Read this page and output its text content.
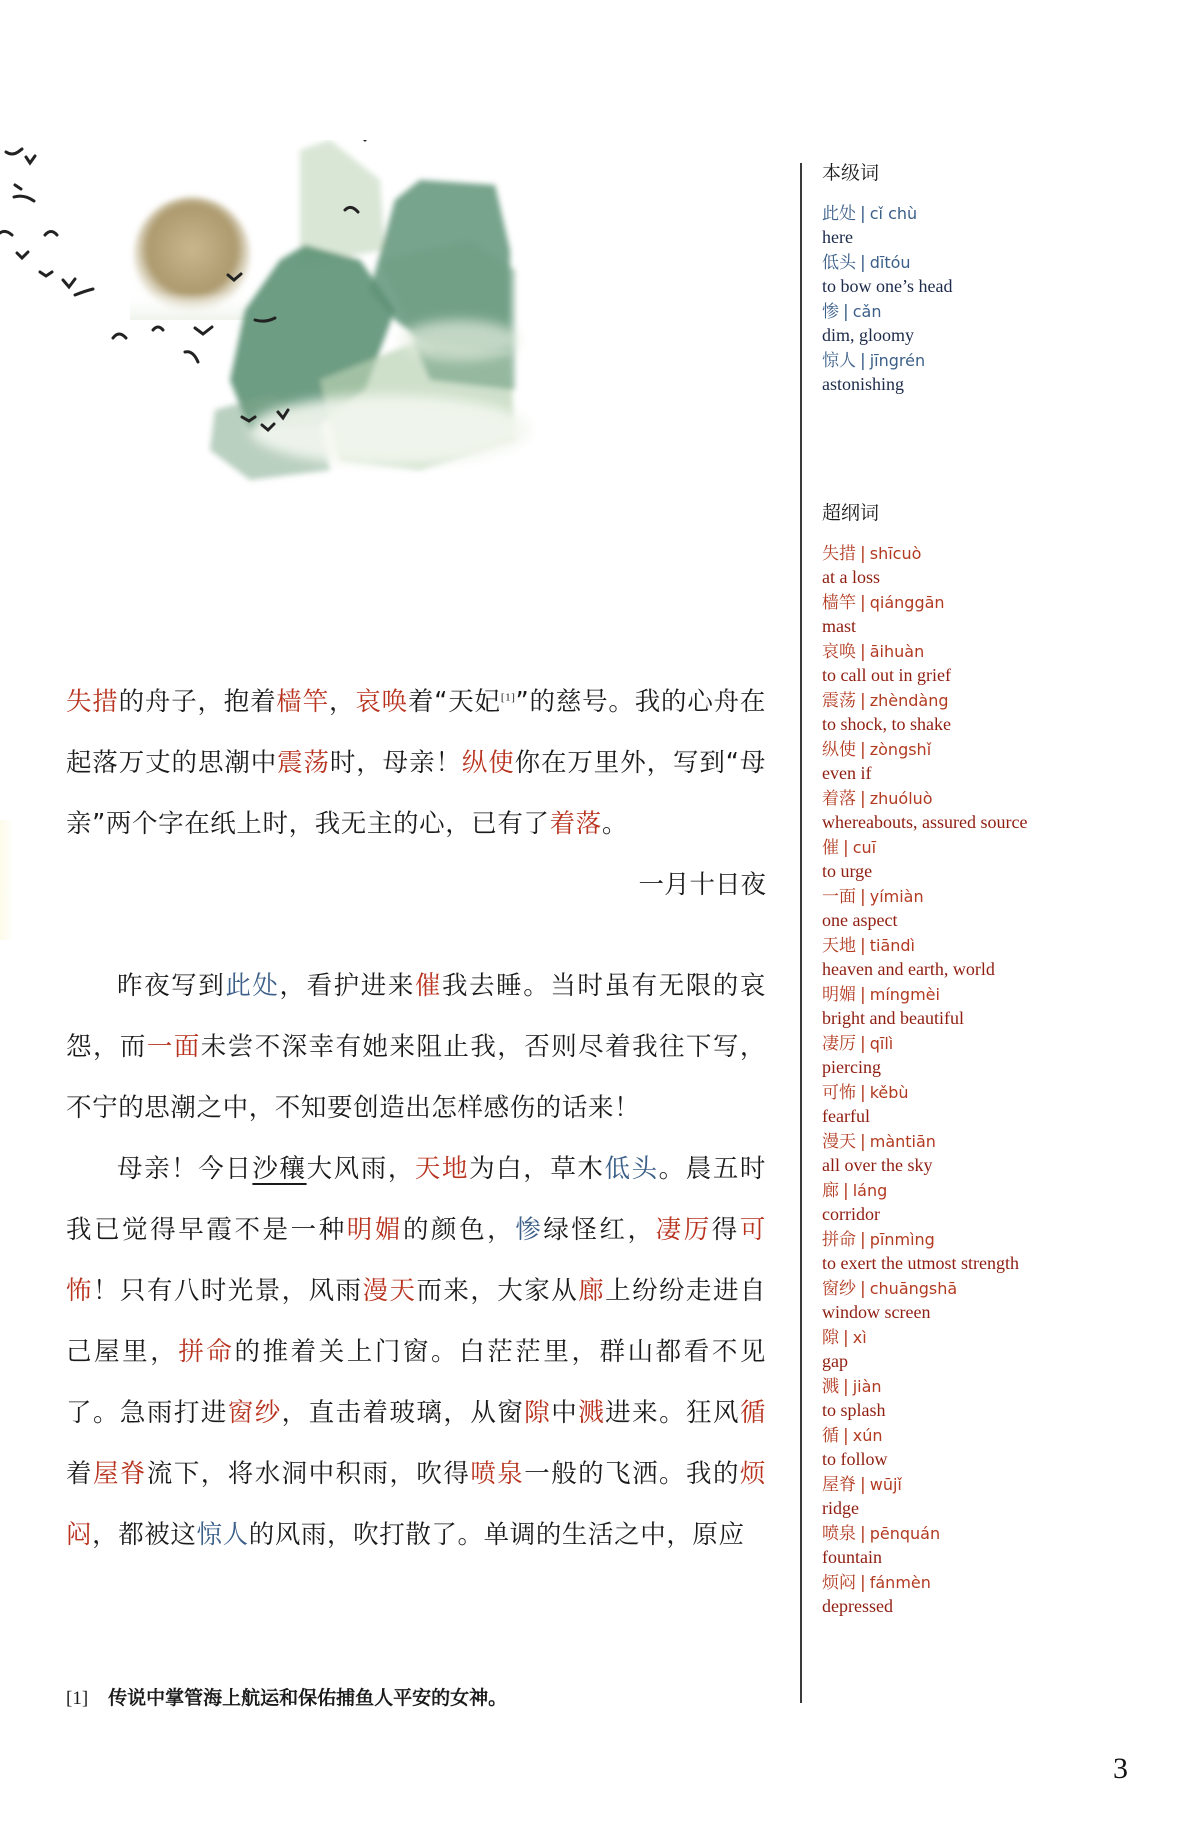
失措的舟子，抱着樯竿，哀唤着“天妃[1]”的慈号。我的心舟在起落万丈的思潮中震荡时，母亲！纵使你在万里外，写到“母亲”两个字在纸上时，我无主的心，已有了着落。

一月十日夜

昨夜写到此处，看护进来催我去睡。当时虽有无限的哀怨，而一面未尝不深幸有她来阻止我，否则尽着我往下写，不宁的思潮之中，不知要创造出怎样感伤的话来！

母亲！今日沙穰大风雨，天地为白，草木低头。晨五时我已觉得早霞不是一种明媚的颜色，惨绿怪红，凄厉得可怖！只有八时光景，风雨漫天而来，大家从廊上纷纷走进自己屋里，拼命的推着关上门窗。白茫茫里，群山都看不见了。急雨打进窗纱，直击着玻璃，从窗隙中溅进来。狂风循着屋脊流下，将水洞中积雨，吹得喷泉一般的飞洒。我的烦闷，都被这惊人的风雨，吹打散了。单调的生活之中，原应

[1] 传说中掌管海上航运和保佑捕鱼人平安的女神。
本级词
此处 | cǐ chù
here
低头 | dītóu
to bow one’s head
惨 | cǎn
dim, gloomy
惊人 | jīngrén
astonishing
超纲词
失措 | shīcuò
at a loss
樯竿 | qiánggān
mast
哀唤 | āihuàn
to call out in grief
震荡 | zhèndàng
to shock, to shake
纵使 | zòngshǐ
even if
着落 | zhuóluò
whereabouts, assured source
催 | cuī
to urge
一面 | yímiàn
one aspect
天地 | tiāndì
heaven and earth, world
明媚 | míngmèi
bright and beautiful
凄厉 | qīlì
piercing
可怖 | kěbù
fearful
漫天 | màntiān
all over the sky
廊 | láng
corridor
拼命 | pīnmìng
to exert the utmost strength
窗纱 | chuāngshā
window screen
隙 | xì
gap
溅 | jiàn
to splash
循 | xún
to follow
屋脊 | wūjǐ
ridge
喷泉 | pēnquán
fountain
烦闷 | fánmèn
depressed
3
